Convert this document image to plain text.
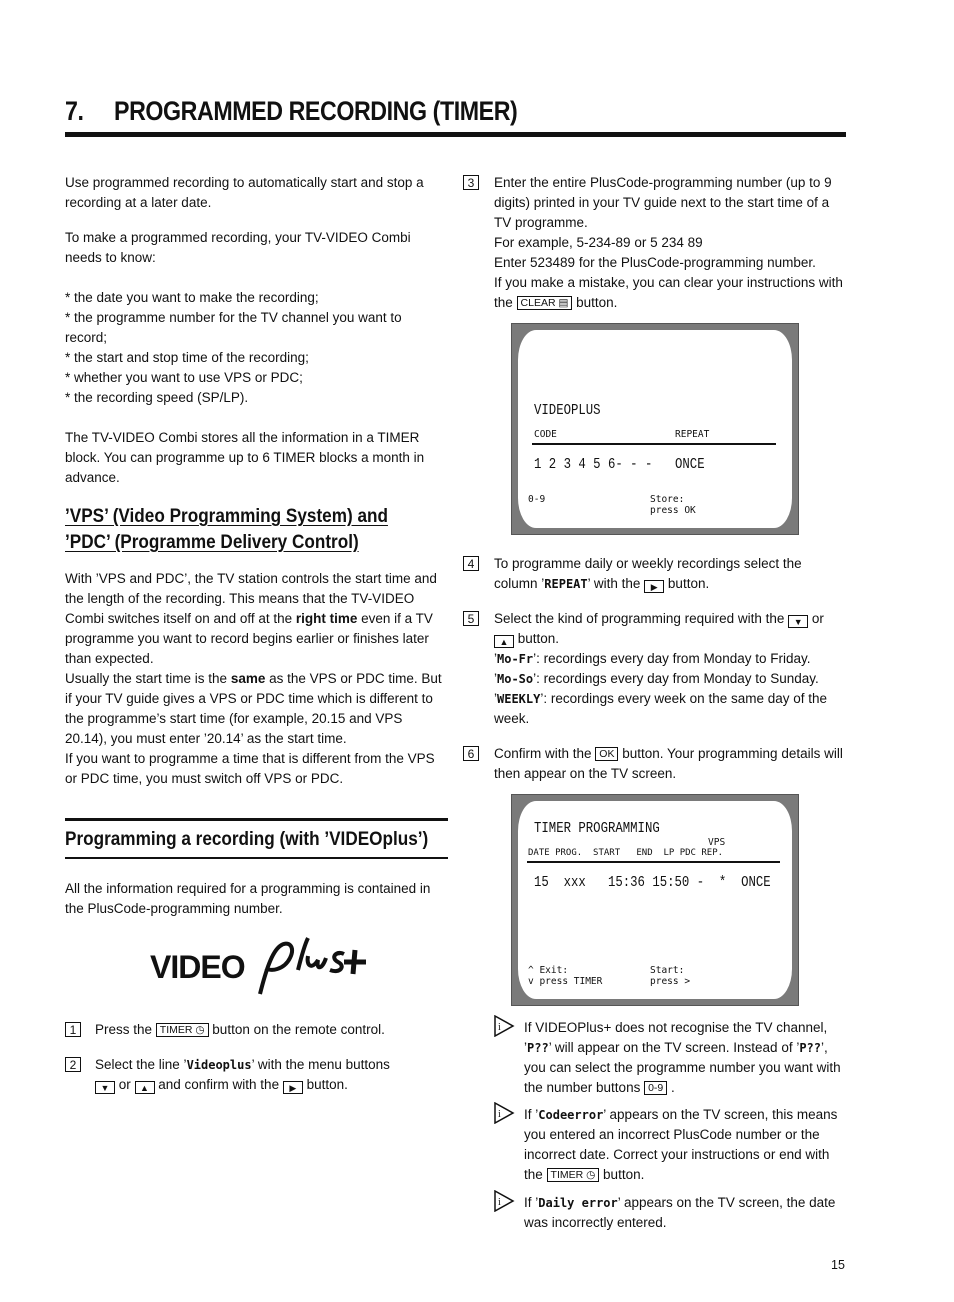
7. PROGRAMMED RECORDING (TIMER)

Use programmed recording to automatically start and stop a recording at a later date.

To make a programmed recording, your TV-VIDEO Combi needs to know:

* the date you want to make the recording;

* the programme number for the TV channel you want to record;

* the start and stop time of the recording;

* whether you want to use VPS or PDC;

* the recording speed (SP/LP).

The TV-VIDEO Combi stores all the information in a TIMER block. You can programme up to 6 TIMER blocks a month in advance.

’VPS’ (Video Programming System) and
’PDC’ (Programme Delivery Control)

With ’VPS and PDC’, the TV station controls the start time and the length of the recording. This means that the TV-VIDEO Combi switches itself on and off at the right time even if a TV programme you want to record begins earlier or finishes later than expected.

Usually the start time is the same as the VPS or PDC time. But if your TV guide gives a VPS or PDC time which is different to the programme’s start time (for example, 20.15 and VPS 20.14), you must enter ’20.14’ as the start time.

If you want to programme a time that is different from the VPS or PDC time, you must switch off VPS or PDC.

Programming a recording (with ’VIDEOplus’)
All the information required for a programming is contained in the PlusCode-programming number.
VIDEO	®
1	Press the TIMER ◷ button on the remote control.
2	Select the line ’Videoplus’ with the menu buttons
▼ or ▲ and confirm with the ▶ button.
3	Enter the entire PlusCode-programming number (up to 9 digits) printed in your TV guide next to the start time of a TV programme.

For example, 5-234-89 or 5 234 89

Enter 523489 for the PlusCode-programming number.

If you make a mistake, you can clear your instructions with the CLEAR ▤ button.

VIDEOPLUS
CODE	REPEAT
1 2 3 4 5 6- - - ONCE
0-9	Store:
press OK
4	To programme daily or weekly recordings select the column ’REPEAT’ with the ▶ button.
5	Select the kind of programming required with the ▼ or

▲ button.

’Mo-Fr’: recordings every day from Monday to Friday.

’Mo-So’: recordings every day from Monday to Sunday.

’WEEKLY’: recordings every week on the same day of the week.

6	Confirm with the OK button. Your programming details will then appear on the TV screen.
TIMER PROGRAMMING
VPS
DATE PROG.  START   END  LP PDC REP.
15  xxx   15:36 15:50 -  *  ONCE
^ Exit:
v press TIMER
Start:
press >
i If VIDEOPlus+ does not recognise the TV channel, ’P??’ will appear on the TV screen. Instead of ’P??’, you can select the programme number you want with the number buttons 0-9 .
i If ’Codeerror’ appears on the TV screen, this means you entered an incorrect PlusCode number or the incorrect date. Correct your instructions or end with the TIMER ◷ button.
i If ’Daily error’ appears on the TV screen, the date was incorrectly entered.
15
